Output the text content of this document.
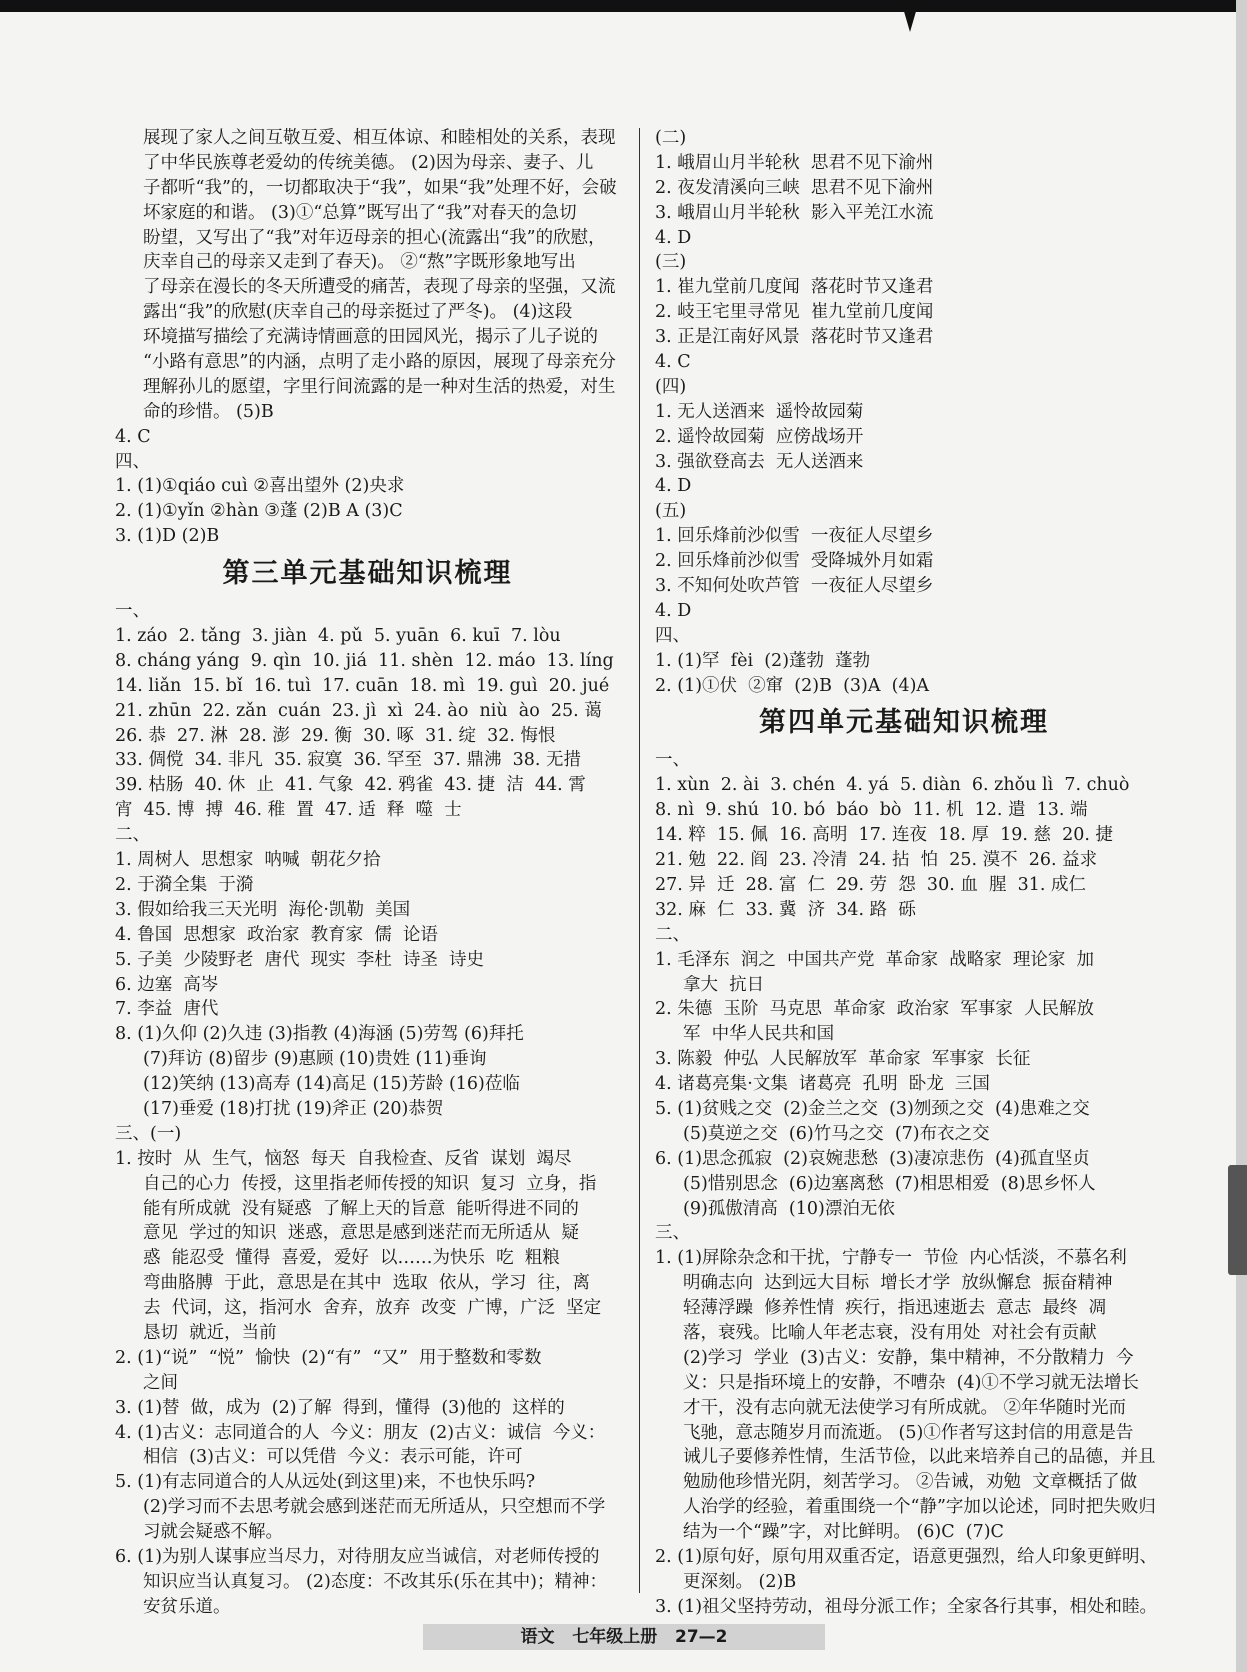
展现了家人之间互敬互爱、相互体谅、和睦相处的关系，表现
了中华民族尊老爱幼的传统美德。 (2)因为母亲、妻子、儿
子都听“我”的，一切都取决于“我”，如果“我”处理不好，会破
坏家庭的和谐。 (3)①“总算”既写出了“我”对春天的急切
盼望，又写出了“我”对年迈母亲的担心(流露出“我”的欣慰，
庆幸自己的母亲又走到了春天)。 ②“熬”字既形象地写出
了母亲在漫长的冬天所遭受的痛苦，表现了母亲的坚强，又流
露出“我”的欣慰(庆幸自己的母亲挺过了严冬)。 (4)这段
环境描写描绘了充满诗情画意的田园风光，揭示了儿子说的
“小路有意思”的内涵，点明了走小路的原因，展现了母亲充分
理解孙儿的愿望，字里行间流露的是一种对生活的热爱，对生
命的珍惜。 (5)B
4. C
四、
1. (1)①qiáo cuì ②喜出望外 (2)央求
2. (1)①yǐn ②hàn ③蓬 (2)B A (3)C
3. (1)D (2)B
第三单元基础知识梳理
一、
1. záo  2. tǎng  3. jiàn  4. pǔ  5. yuān  6. kuī  7. lòu
8. cháng yáng  9. qìn  10. jiá  11. shèn  12. máo  13. líng
14. liǎn  15. bǐ  16. tuì  17. cuān  18. mì  19. guì  20. jué
21. zhūn  22. zǎn  cuán  23. jì  xì  24. ào  niù  ào  25. 蔼
26. 恭  27. 淋  28. 澎  29. 衡  30. 啄  31. 绽  32. 悔恨
33. 倜傥  34. 非凡  35. 寂寞  36. 罕至  37. 鼎沸  38. 无措
39. 枯肠  40. 休  止  41. 气象  42. 鸦雀  43. 捷  洁  44. 霄
宵  45. 博  搏  46. 稚  置  47. 适  释  噬  士
二、
1. 周树人  思想家  呐喊  朝花夕拾
2. 于漪全集  于漪
3. 假如给我三天光明  海伦·凯勒  美国
4. 鲁国  思想家  政治家  教育家  儒  论语
5. 子美  少陵野老  唐代  现实  李杜  诗圣  诗史
6. 边塞  高岑
7. 李益  唐代
8. (1)久仰 (2)久违 (3)指教 (4)海涵 (5)劳驾 (6)拜托
(7)拜访 (8)留步 (9)惠顾 (10)贵姓 (11)垂询
(12)笑纳 (13)高寿 (14)高足 (15)芳龄 (16)莅临
(17)垂爱 (18)打扰 (19)斧正 (20)恭贺
三、(一)
1. 按时  从  生气，恼怒  每天  自我检查、反省  谋划  竭尽
自己的心力  传授，这里指老师传授的知识  复习  立身，指
能有所成就  没有疑惑  了解上天的旨意  能听得进不同的
意见  学过的知识  迷惑，意思是感到迷茫而无所适从  疑
惑  能忍受  懂得  喜爱，爱好  以……为快乐  吃  粗粮
弯曲胳膊  于此，意思是在其中  选取  依从，学习  往，离
去  代词，这，指河水  舍弃，放弃  改变  广博，广泛  坚定
恳切  就近，当前
2. (1)“说”  “悦”  愉快  (2)“有”  “又”  用于整数和零数
之间
3. (1)替  做，成为  (2)了解  得到，懂得  (3)他的  这样的
4. (1)古义：志同道合的人  今义：朋友  (2)古义：诚信  今义：
相信  (3)古义：可以凭借  今义：表示可能，许可
5. (1)有志同道合的人从远处(到这里)来，不也快乐吗?
(2)学习而不去思考就会感到迷茫而无所适从，只空想而不学
习就会疑惑不解。
6. (1)为别人谋事应当尽力，对待朋友应当诚信，对老师传授的
知识应当认真复习。 (2)态度：不改其乐(乐在其中)；精神：
安贫乐道。
(二)
1. 峨眉山月半轮秋  思君不见下渝州
2. 夜发清溪向三峡  思君不见下渝州
3. 峨眉山月半轮秋  影入平羌江水流
4. D
(三)
1. 崔九堂前几度闻  落花时节又逢君
2. 岐王宅里寻常见  崔九堂前几度闻
3. 正是江南好风景  落花时节又逢君
4. C
(四)
1. 无人送酒来  遥怜故园菊
2. 遥怜故园菊  应傍战场开
3. 强欲登高去  无人送酒来
4. D
(五)
1. 回乐烽前沙似雪  一夜征人尽望乡
2. 回乐烽前沙似雪  受降城外月如霜
3. 不知何处吹芦管  一夜征人尽望乡
4. D
四、
1. (1)罕  fèi  (2)蓬勃  蓬勃
2. (1)①伏  ②窜  (2)B  (3)A  (4)A
第四单元基础知识梳理
一、
1. xùn  2. ài  3. chén  4. yá  5. diàn  6. zhǒu lì  7. chuò
8. nì  9. shú  10. bó  báo  bò  11. 机  12. 遣  13. 端
14. 粹  15. 佩  16. 高明  17. 连夜  18. 厚  19. 慈  20. 捷
21. 勉  22. 阎  23. 冷清  24. 拈  怕  25. 漠不  26. 益求
27. 异  迁  28. 富  仁  29. 劳  怨  30. 血  腥  31. 成仁
32. 麻  仁  33. 冀  济  34. 路  砾
二、
1. 毛泽东  润之  中国共产党  革命家  战略家  理论家  加
拿大  抗日
2. 朱德  玉阶  马克思  革命家  政治家  军事家  人民解放
军  中华人民共和国
3. 陈毅  仲弘  人民解放军  革命家  军事家  长征
4. 诸葛亮集·文集  诸葛亮  孔明  卧龙  三国
5. (1)贫贱之交  (2)金兰之交  (3)刎颈之交  (4)患难之交
(5)莫逆之交  (6)竹马之交  (7)布衣之交
6. (1)思念孤寂  (2)哀婉悲愁  (3)凄凉悲伤  (4)孤直坚贞
(5)惜别思念  (6)边塞离愁  (7)相思相爱  (8)思乡怀人
(9)孤傲清高  (10)漂泊无依
三、
1. (1)屏除杂念和干扰，宁静专一  节俭  内心恬淡，不慕名利
明确志向  达到远大目标  增长才学  放纵懈怠  振奋精神
轻薄浮躁  修养性情  疾行，指迅速逝去  意志  最终  凋
落，衰残。比喻人年老志衰，没有用处  对社会有贡献
(2)学习  学业  (3)古义：安静，集中精神，不分散精力  今
义：只是指环境上的安静，不嘈杂  (4)①不学习就无法增长
才干，没有志向就无法使学习有所成就。 ②年华随时光而
飞驰，意志随岁月而流逝。 (5)①作者写这封信的用意是告
诫儿子要修养性情，生活节俭，以此来培养自己的品德，并且
勉励他珍惜光阴，刻苦学习。 ②告诫，劝勉  文章概括了做
人治学的经验，着重围绕一个“静”字加以论述，同时把失败归
结为一个“躁”字，对比鲜明。 (6)C  (7)C
2. (1)原句好，原句用双重否定，语意更强烈，给人印象更鲜明、
更深刻。 (2)B
3. (1)祖父坚持劳动，祖母分派工作；全家各行其事，相处和睦。
语文 七年级上册 27—2
